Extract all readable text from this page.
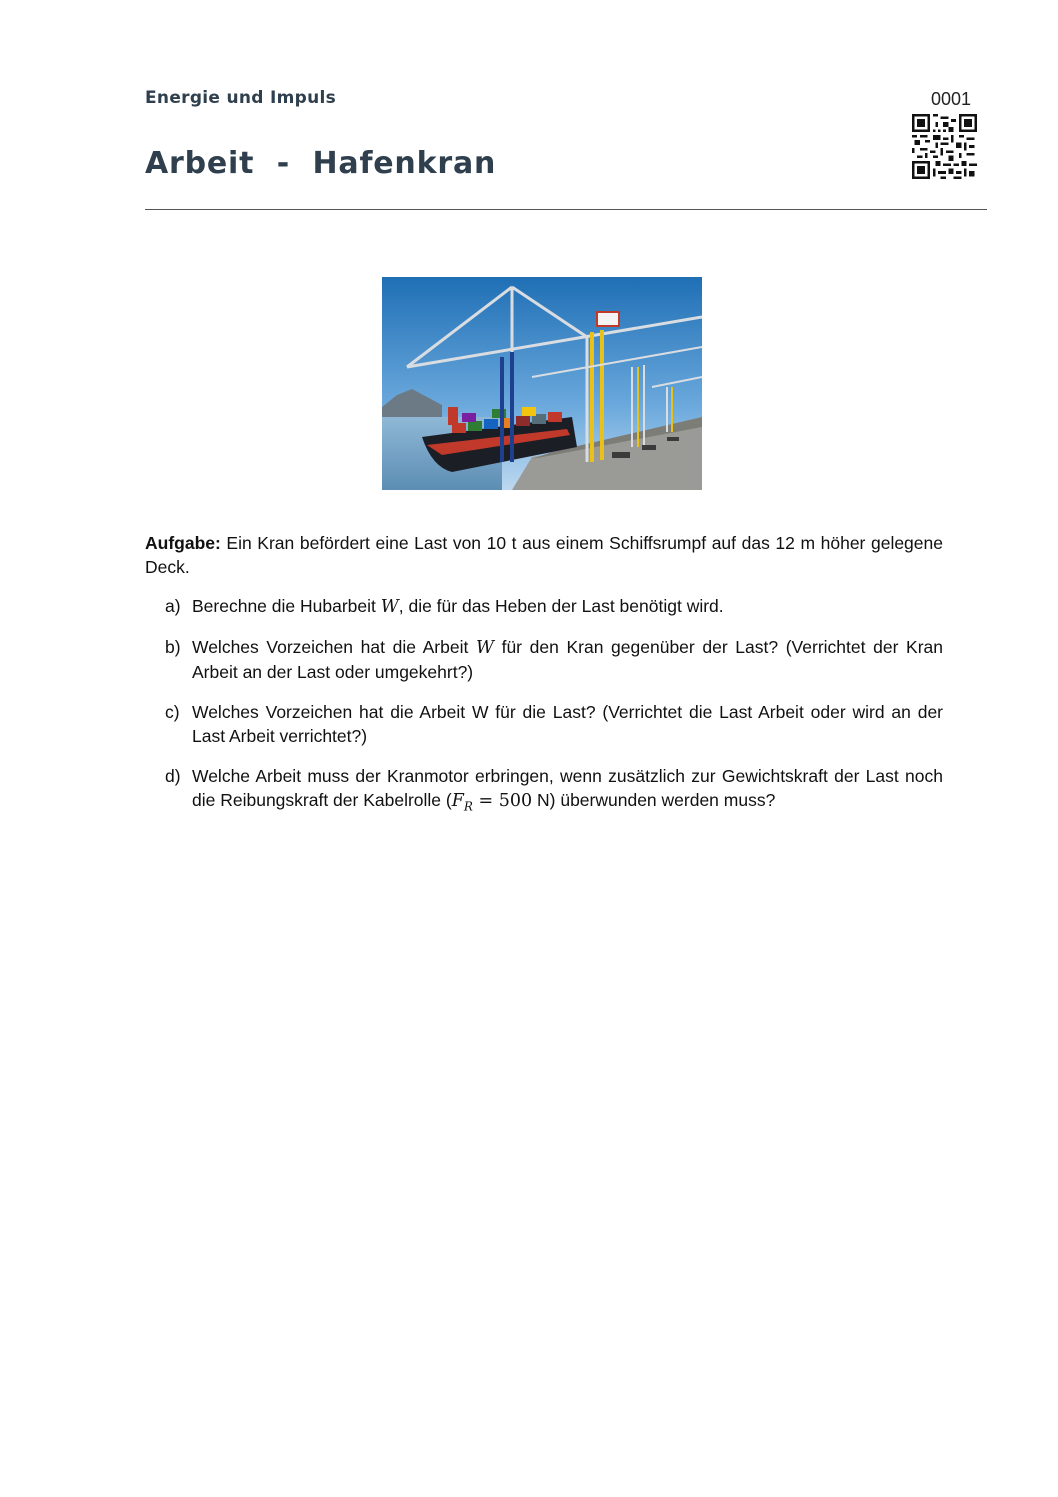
Energie und Impuls
Arbeit  -  Hafenkran
0001
Aufgabe: Ein Kran befördert eine Last von 10 t aus einem Schiffsrumpf auf das 12 m höher gelegene Deck.
a) Berechne die Hubarbeit W, die für das Heben der Last benötigt wird.
b) Welches Vorzeichen hat die Arbeit W für den Kran gegenüber der Last? (Verrichtet der Kran Arbeit an der Last oder umgekehrt?)
c) Welches Vorzeichen hat die Arbeit W für die Last? (Verrichtet die Last Arbeit oder wird an der Last Arbeit verrichtet?)
d) Welche Arbeit muss der Kranmotor erbringen, wenn zusätzlich zur Gewichtskraft der Last noch die Reibungskraft der Kabelrolle ($F_R = 500$ N) überwunden werden muss?
